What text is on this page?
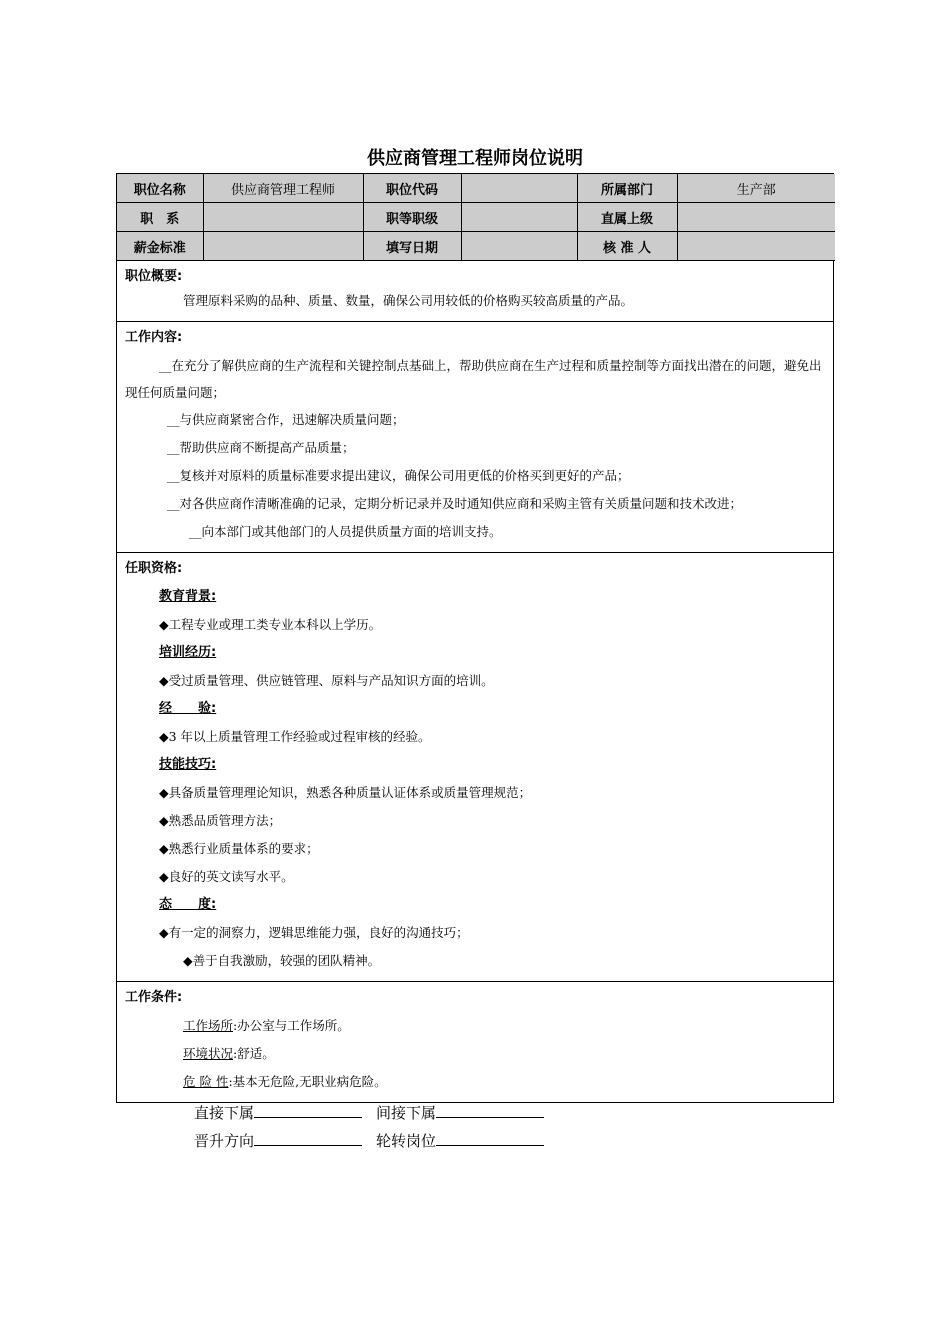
供应商管理工程师岗位说明
职位名称	供应商管理工程师	职位代码		所属部门	生产部
职　系		职等职级		直属上级	
薪金标准		填写日期		核 准 人	
职位概要:
管理原料采购的品种、质量、数量，确保公司用较低的价格购买较高质量的产品。
工作内容:
__在充分了解供应商的生产流程和关键控制点基础上，帮助供应商在生产过程和质量控制等方面找出潜在的问题，避免出现任何质量问题；
__与供应商紧密合作，迅速解决质量问题；
__帮助供应商不断提高产品质量；
__复核并对原料的质量标准要求提出建议，确保公司用更低的价格买到更好的产品；
__对各供应商作清晰准确的记录，定期分析记录并及时通知供应商和采购主管有关质量问题和技术改进；
__向本部门或其他部门的人员提供质量方面的培训支持。
任职资格:
教育背景:
◆工程专业或理工类专业本科以上学历。
培训经历:
◆受过质量管理、供应链管理、原料与产品知识方面的培训。
经　　验:
◆3 年以上质量管理工作经验或过程审核的经验。
技能技巧:
◆具备质量管理理论知识，熟悉各种质量认证体系或质量管理规范；
◆熟悉品质管理方法；
◆熟悉行业质量体系的要求；
◆良好的英文读写水平。
态　　度:
◆有一定的洞察力，逻辑思维能力强，良好的沟通技巧；
◆善于自我激励，较强的团队精神。
工作条件:
工作场所:办公室与工作场所。
环境状况:舒适。
危 险 性:基本无危险,无职业病危险。
直接下属	间接下属
晋升方向	轮转岗位
